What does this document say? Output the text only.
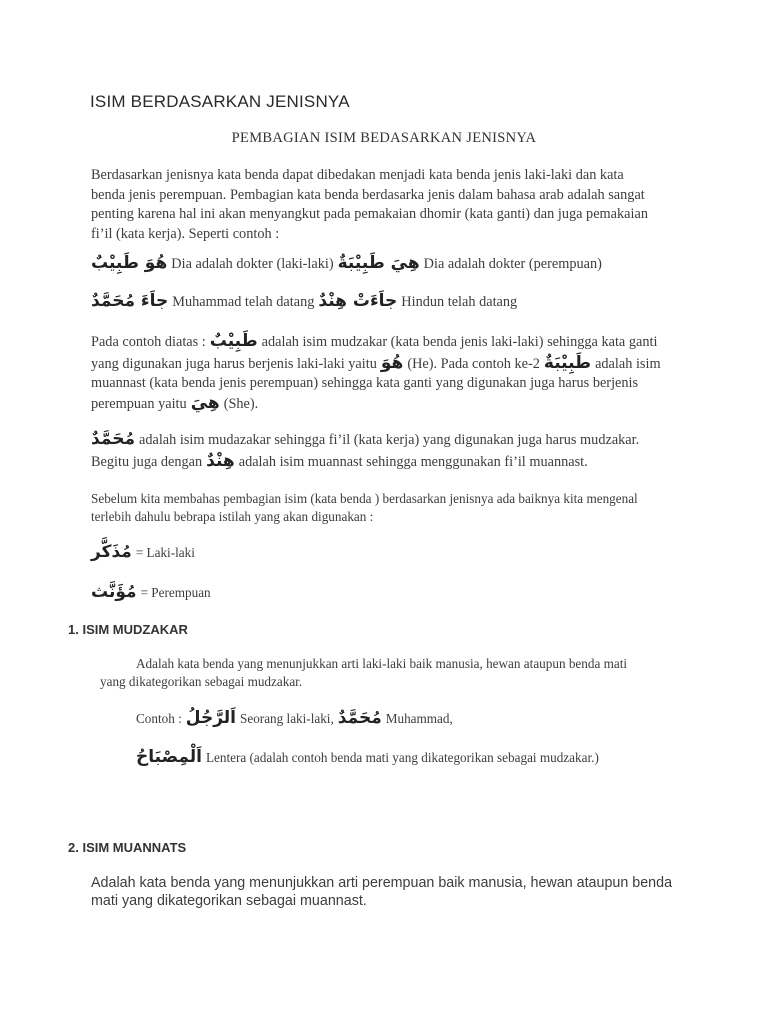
ISIM BERDASARKAN JENISNYA
PEMBAGIAN ISIM BEDASARKAN JENISNYA
Berdasarkan jenisnya kata benda dapat dibedakan menjadi kata benda jenis laki-laki dan kata
benda jenis perempuan. Pembagian kata benda berdasarka jenis dalam bahasa arab adalah sangat
penting karena hal ini akan menyangkut pada pemakaian dhomir (kata ganti) dan juga pemakaian
fi’il (kata kerja). Seperti contoh :
هُوَ طَبِيْبٌ Dia adalah dokter (laki-laki) هِيَ طَبِيْبَةٌ Dia adalah dokter (perempuan)
جاَءَ مُحَمَّدٌ Muhammad telah datang جاَءَتْ هِنْدٌ Hindun telah datang
Pada contoh diatas : طَبِيْبٌ adalah isim mudzakar (kata benda jenis laki-laki) sehingga kata ganti
yang digunakan juga harus berjenis laki-laki yaitu هُوَ (He). Pada contoh ke-2 طَبِيْبَةٌ adalah isim
muannast (kata benda jenis perempuan) sehingga kata ganti yang digunakan juga harus berjenis
perempuan yaitu هِيَ (She).
مُحَمَّدٌ adalah isim mudazakar sehingga fi’il (kata kerja) yang digunakan juga harus mudzakar.
Begitu juga dengan هِنْدٌ adalah isim muannast sehingga menggunakan fi’il muannast.
Sebelum kita membahas pembagian isim (kata benda ) berdasarkan jenisnya ada baiknya kita mengenal
terlebih dahulu bebrapa istilah yang akan digunakan :
مُذَكَّر = Laki-laki
مُؤَنَّث = Perempuan
1. ISIM MUDZAKAR
Adalah kata benda yang menunjukkan arti laki-laki baik manusia, hewan ataupun benda mati
yang dikategorikan sebagai mudzakar.
Contoh : اَلرَّجُلُ Seorang laki-laki, مُحَمَّدٌ Muhammad,
اَلْمِصْبَاحُ Lentera (adalah contoh benda mati yang dikategorikan sebagai mudzakar.)
2. ISIM MUANNATS
Adalah kata benda yang menunjukkan arti perempuan baik manusia, hewan ataupun benda
mati yang dikategorikan sebagai muannast.
